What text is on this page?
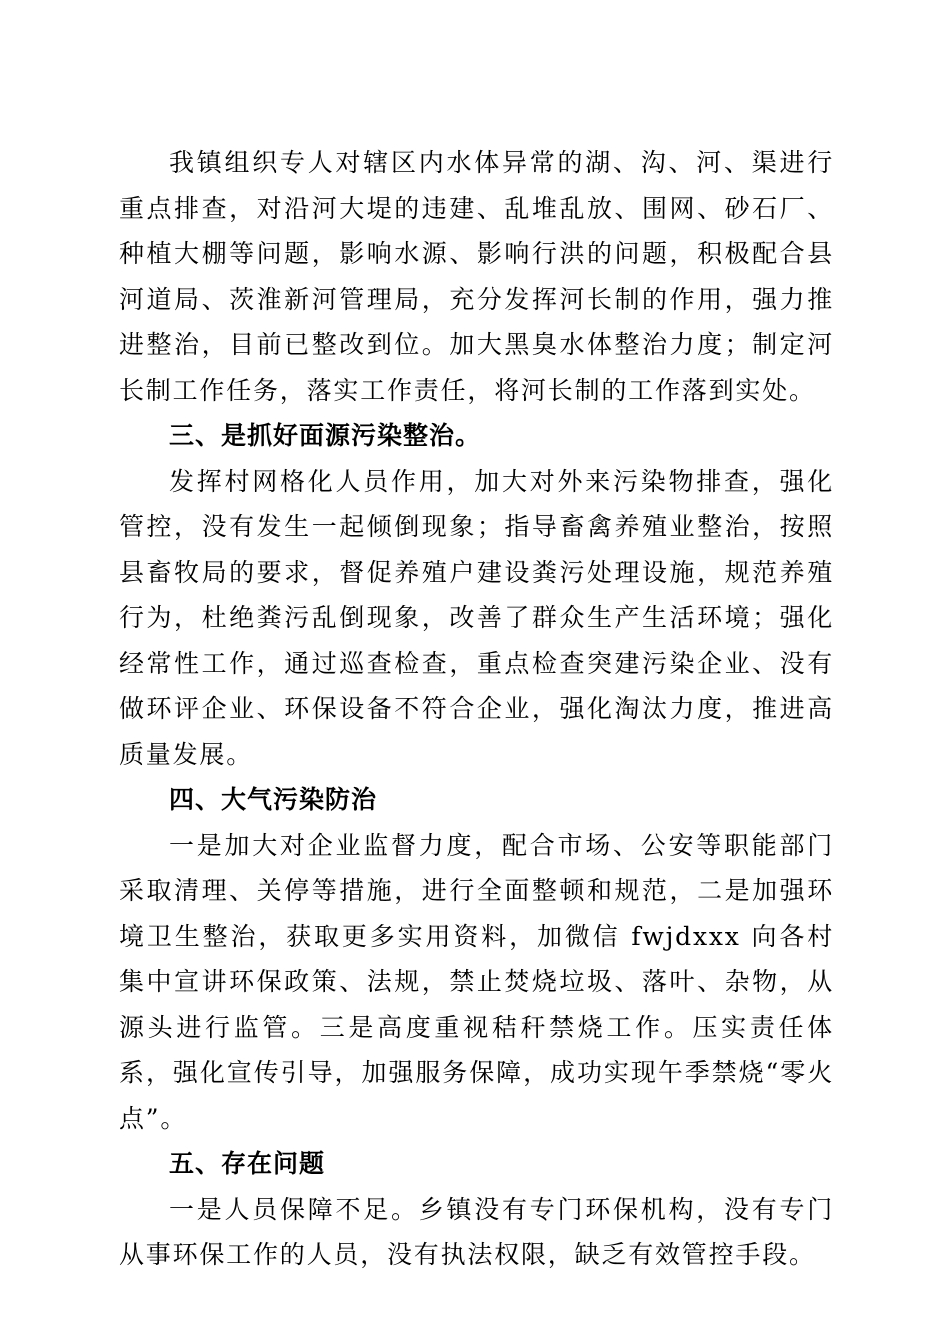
我镇组织专人对辖区内水体异常的湖、沟、河、渠进行重点排查，对沿河大堤的违建、乱堆乱放、围网、砂石厂、种植大棚等问题，影响水源、影响行洪的问题，积极配合县河道局、茨淮新河管理局，充分发挥河长制的作用，强力推进整治，目前已整改到位。加大黑臭水体整治力度；制定河长制工作任务，落实工作责任，将河长制的工作落到实处。

三、是抓好面源污染整治。

发挥村网格化人员作用，加大对外来污染物排查，强化管控，没有发生一起倾倒现象；指导畜禽养殖业整治，按照县畜牧局的要求，督促养殖户建设粪污处理设施，规范养殖行为，杜绝粪污乱倒现象，改善了群众生产生活环境；强化经常性工作，通过巡查检查，重点检查突建污染企业、没有做环评企业、环保设备不符合企业，强化淘汰力度，推进高质量发展。

四、大气污染防治

一是加大对企业监督力度，配合市场、公安等职能部门采取清理、关停等措施，进行全面整顿和规范，二是加强环境卫生整治，获取更多实用资料，加微信 fwjdxxx 向各村集中宣讲环保政策、法规，禁止焚烧垃圾、落叶、杂物，从源头进行监管。三是高度重视秸秆禁烧工作。压实责任体系，强化宣传引导，加强服务保障，成功实现午季禁烧“零火点”。

五、存在问题

一是人员保障不足。乡镇没有专门环保机构，没有专门从事环保工作的人员，没有执法权限，缺乏有效管控手段。
